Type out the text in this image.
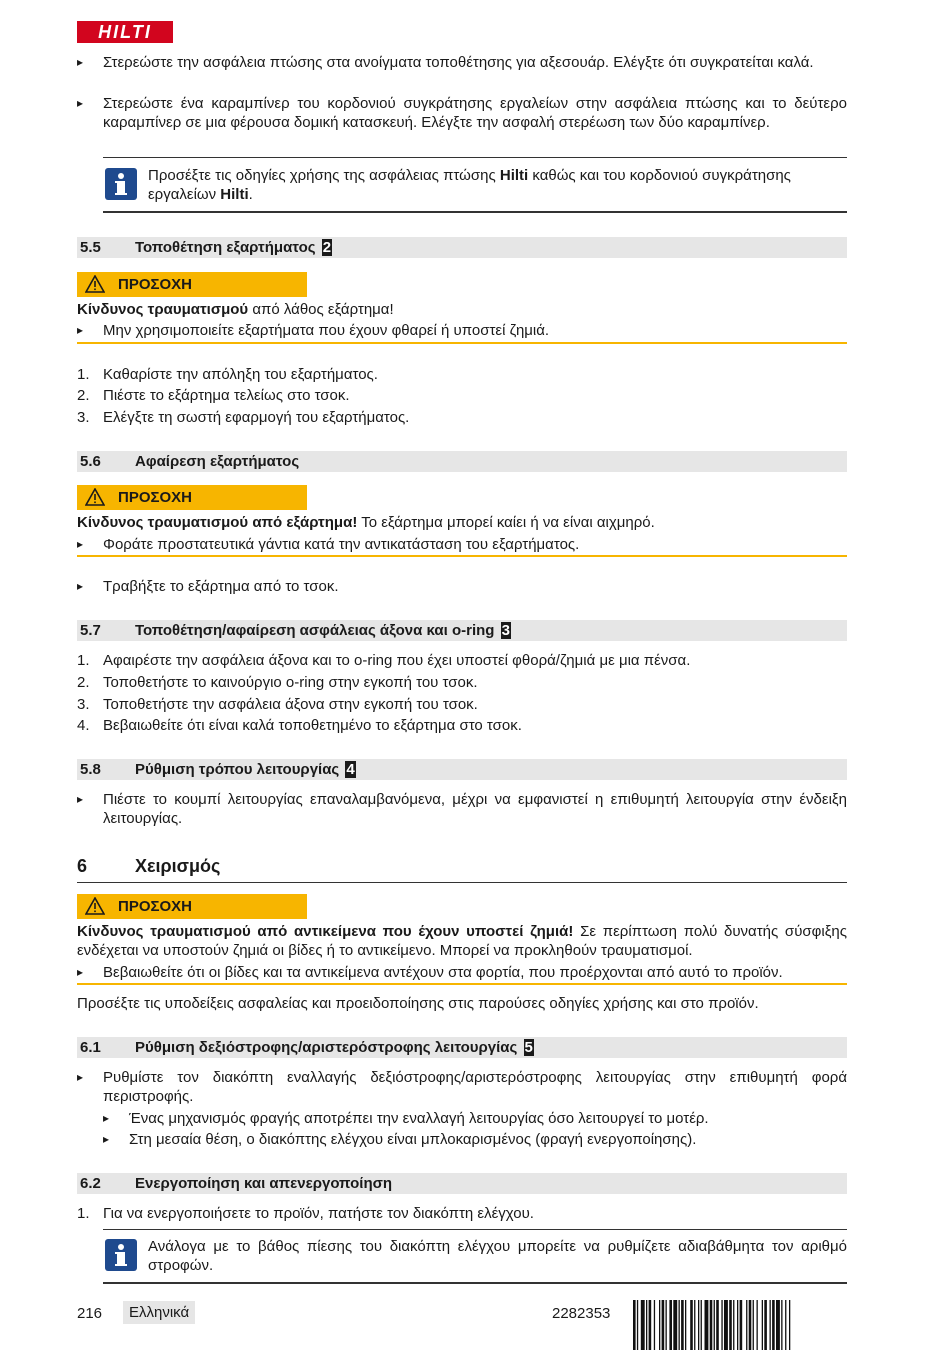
HILTI
▸ Στερεώστε την ασφάλεια πτώσης στα ανοίγματα τοποθέτησης για αξεσουάρ. Ελέγξτε ότι συγκρατείται καλά.
▸ Στερεώστε ένα καραμπίνερ του κορδονιού συγκράτησης εργαλείων στην ασφάλεια πτώσης και το δεύτερο καραμπίνερ σε μια φέρουσα δομική κατασκευή. Ελέγξτε την ασφαλή στερέωση των δύο καραμπίνερ.
Προσέξτε τις οδηγίες χρήσης της ασφάλειας πτώσης Hilti καθώς και του κορδονιού συγκράτησης εργαλείων Hilti.
5.5 Τοποθέτηση εξαρτήματος 2
ΠΡΟΣΟΧΗ
Κίνδυνος τραυματισμού από λάθος εξάρτημα!
▸ Μην χρησιμοποιείτε εξαρτήματα που έχουν φθαρεί ή υποστεί ζημιά.
1. Καθαρίστε την απόληξη του εξαρτήματος.
2. Πιέστε το εξάρτημα τελείως στο τσοκ.
3. Ελέγξτε τη σωστή εφαρμογή του εξαρτήματος.
5.6 Αφαίρεση εξαρτήματος
ΠΡΟΣΟΧΗ
Κίνδυνος τραυματισμού από εξάρτημα! Το εξάρτημα μπορεί καίει ή να είναι αιχμηρό.
▸ Φοράτε προστατευτικά γάντια κατά την αντικατάσταση του εξαρτήματος.
▸ Τραβήξτε το εξάρτημα από το τσοκ.
5.7 Τοποθέτηση/αφαίρεση ασφάλειας άξονα και o-ring 3
1. Αφαιρέστε την ασφάλεια άξονα και το o-ring που έχει υποστεί φθορά/ζημιά με μια πένσα.
2. Τοποθετήστε το καινούργιο o-ring στην εγκοπή του τσοκ.
3. Τοποθετήστε την ασφάλεια άξονα στην εγκοπή του τσοκ.
4. Βεβαιωθείτε ότι είναι καλά τοποθετημένο το εξάρτημα στο τσοκ.
5.8 Ρύθμιση τρόπου λειτουργίας 4
▸ Πιέστε το κουμπί λειτουργίας επαναλαμβανόμενα, μέχρι να εμφανιστεί η επιθυμητή λειτουργία στην ένδειξη λειτουργίας.
6	Χειρισμός
ΠΡΟΣΟΧΗ
Κίνδυνος τραυματισμού από αντικείμενα που έχουν υποστεί ζημιά! Σε περίπτωση πολύ δυνατής σύσφιξης ενδέχεται να υποστούν ζημιά οι βίδες ή το αντικείμενο. Μπορεί να προκληθούν τραυματισμοί.
▸ Βεβαιωθείτε ότι οι βίδες και τα αντικείμενα αντέχουν στα φορτία, που προέρχονται από αυτό το προϊόν.
Προσέξτε τις υποδείξεις ασφαλείας και προειδοποίησης στις παρούσες οδηγίες χρήσης και στο προϊόν.
6.1 Ρύθμιση δεξιόστροφης/αριστερόστροφης λειτουργίας 5
▸ Ρυθμίστε τον διακόπτη εναλλαγής δεξιόστροφης/αριστερόστροφης λειτουργίας στην επιθυμητή φορά περιστροφής.
▸ Ένας μηχανισμός φραγής αποτρέπει την εναλλαγή λειτουργίας όσο λειτουργεί το μοτέρ.
▸ Στη μεσαία θέση, ο διακόπτης ελέγχου είναι μπλοκαρισμένος (φραγή ενεργοποίησης).
6.2 Ενεργοποίηση και απενεργοποίηση
1. Για να ενεργοποιήσετε το προϊόν, πατήστε τον διακόπτη ελέγχου.
Ανάλογα με το βάθος πίεσης του διακόπτη ελέγχου μπορείτε να ρυθμίζετε αδιαβάθμητα τον αριθμό στροφών.
216	Ελληνικά	2282353
